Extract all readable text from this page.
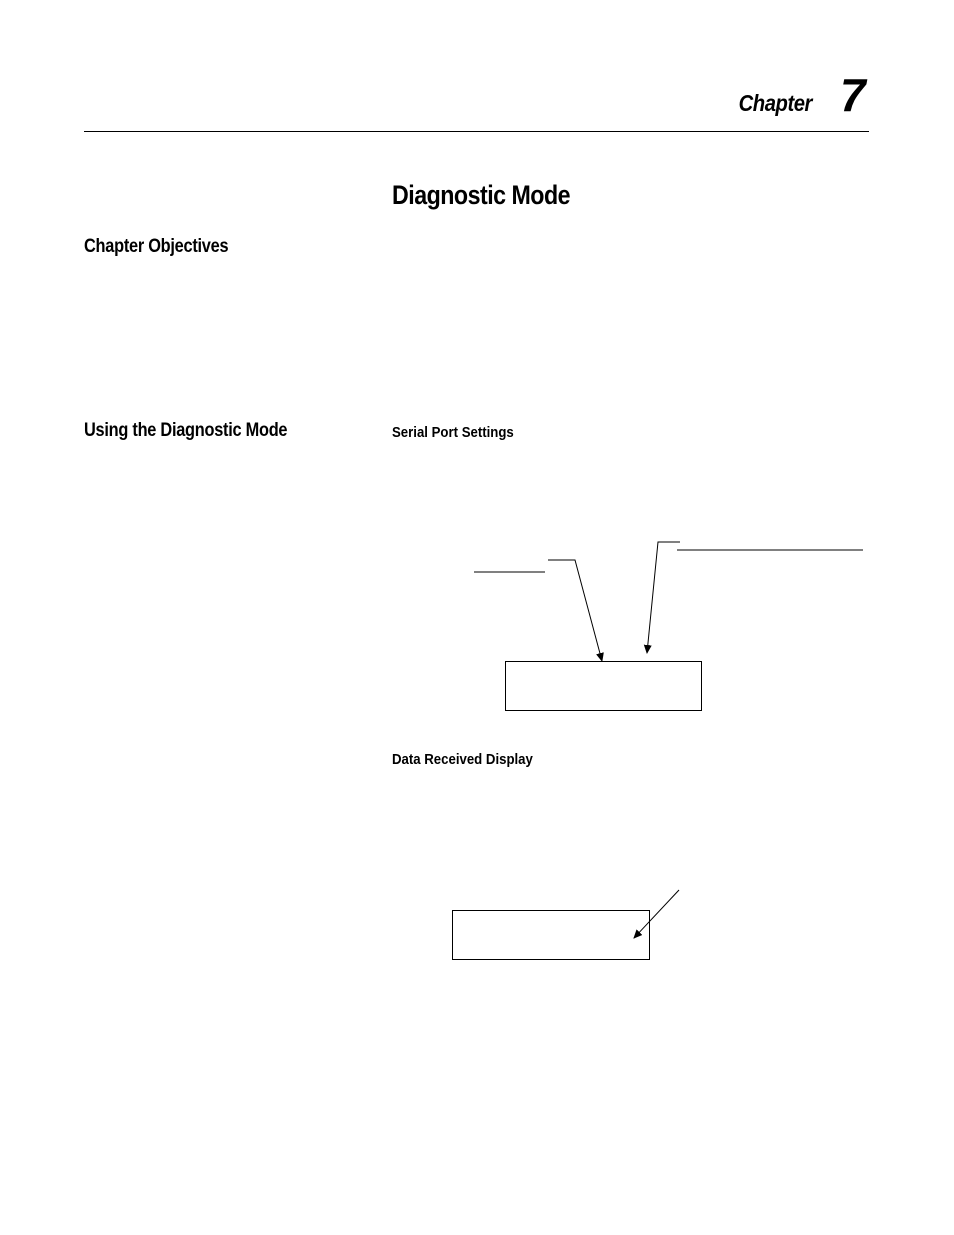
Chapter 7
Diagnostic Mode
Chapter Objectives
Using the Diagnostic Mode	Serial Port Settings
Data Received Display
